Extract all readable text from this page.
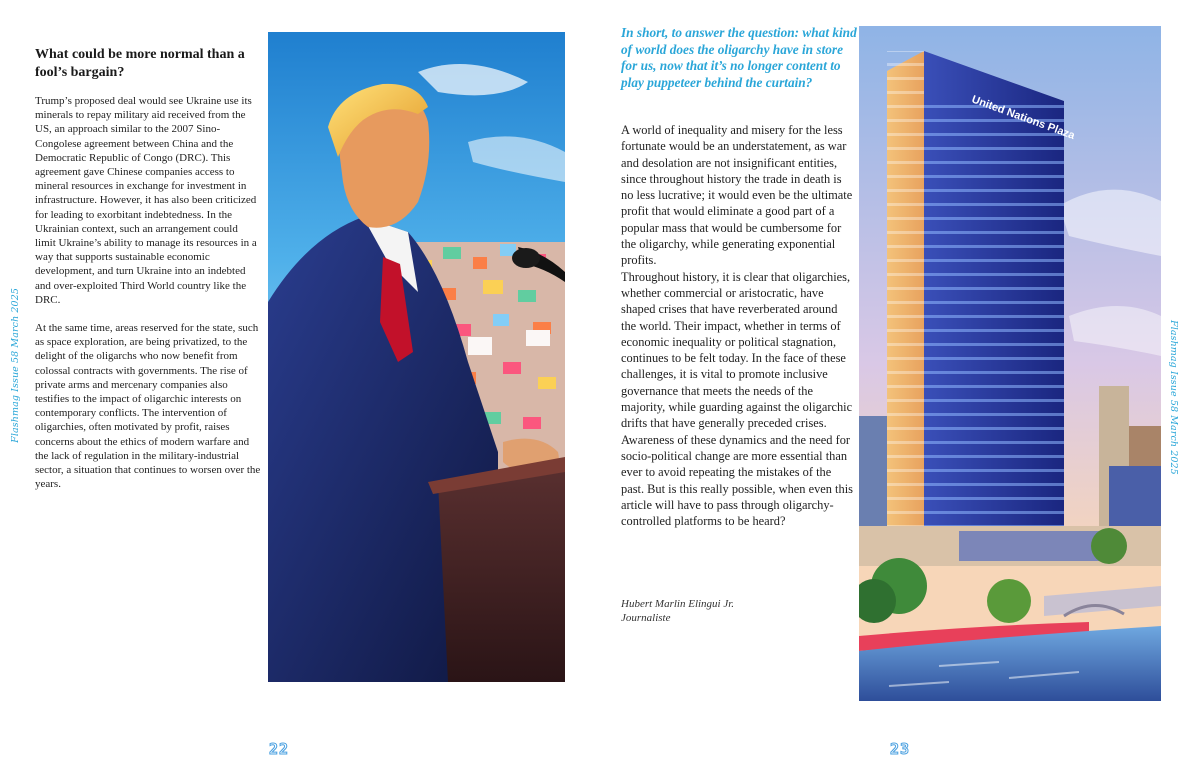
Flashmag Issue 58 March 2025
What could be more normal than a fool’s bargain?

Trump’s proposed deal would see Ukraine use its minerals to repay military aid received from the US, an approach similar to the 2007 Sino-Congolese agreement between China and the Democratic Republic of Congo (DRC). This agreement gave Chinese companies access to mineral resources in exchange for investment in infrastructure. However, it has also been criticized for leading to exorbitant indebtedness. In the Ukrainian context, such an arrangement could limit Ukraine’s ability to manage its resources in a way that supports sustainable economic development, and turn Ukraine into an indebted and over-exploited Third World country like the DRC.

At the same time, areas reserved for the state, such as space exploration, are being privatized, to the delight of the oligarchs who now benefit from colossal contracts with governments. The rise of private arms and mercenary companies also testifies to the impact of oligarchic interests on contemporary conflicts. The intervention of oligarchies, often motivated by profit, raises concerns about the ethics of modern warfare and the lack of regulation in the military-industrial sector, a situation that continues to worsen over the years.

22
In short, to answer the question: what kind of world does the oligarchy have in store for us, now that it’s no longer content to play puppeteer behind the curtain?

A world of inequality and misery for the less fortunate would be an understatement, as war and desolation are not insignificant entities, since throughout history the trade in death is no less lucrative; it would even be the ultimate profit that would eliminate a good part of a popular mass that would be cumbersome for the oligarchy, while generating exponential profits.

Throughout history, it is clear that oligarchies, whether commercial or aristocratic, have shaped crises that have reverberated around the world. Their impact, whether in terms of economic inequality or political stagnation, continues to be felt today. In the face of these challenges, it is vital to promote inclusive governance that meets the needs of the majority, while guarding against the oligarchic drifts that have generally preceded crises. Awareness of these dynamics and the need for socio-political change are more essential than ever to avoid repeating the mistakes of the past. But is this really possible, when even this article will have to pass through oligarchy-controlled platforms to be heard?

Hubert Marlin Elingui Jr.
Journaliste
United Nations Plaza
Flashmag Issue 58 March 2025
23
